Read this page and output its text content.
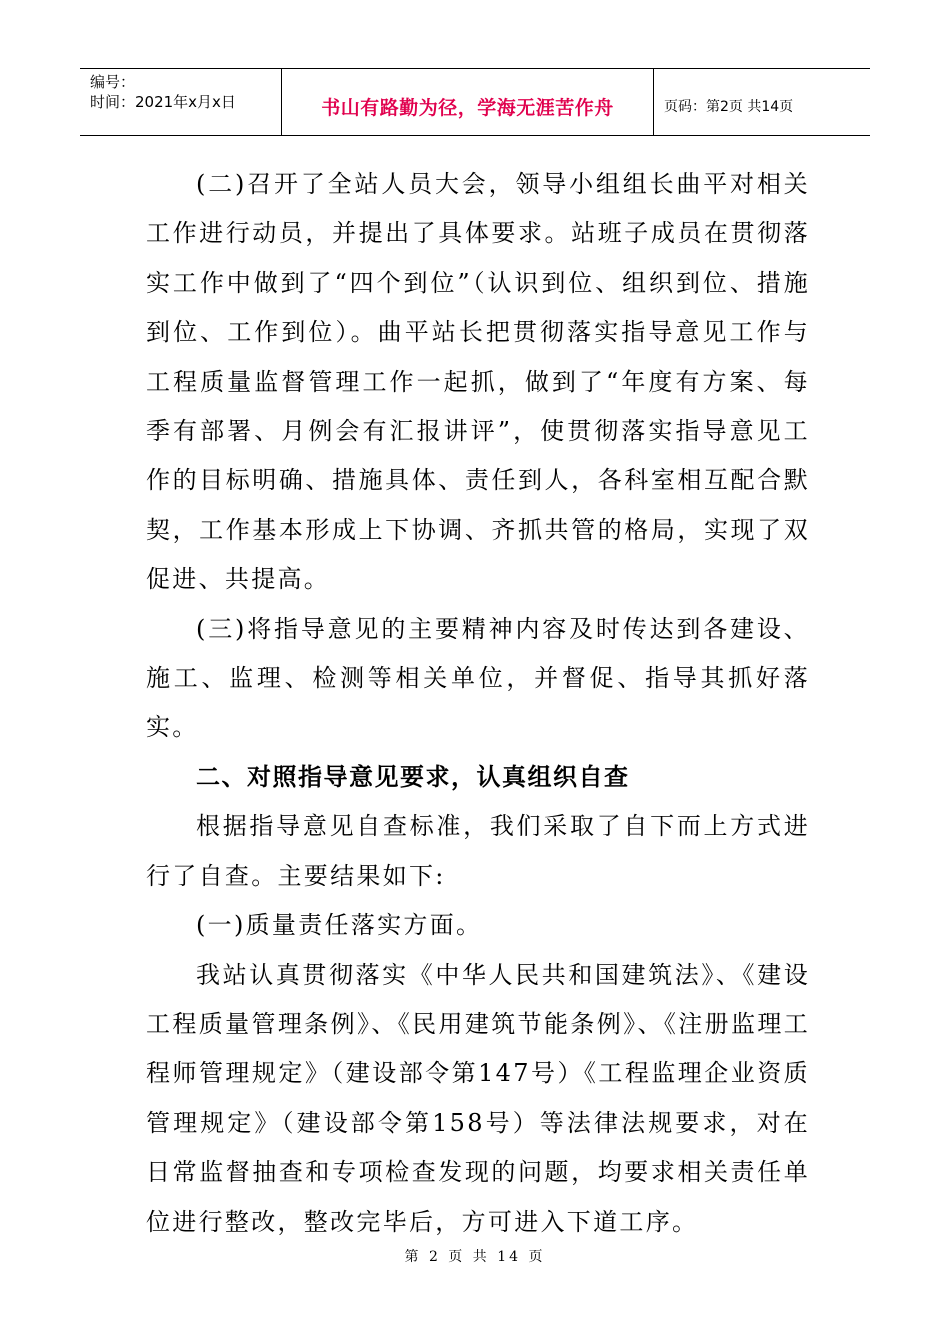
编号：
时间：2021年x月x日	书山有路勤为径，学海无涯苦作舟	页码：第2页 共14页

(二)召开了全站人员大会，领导小组组长曲平对相关工作进行动员，并提出了具体要求。站班子成员在贯彻落实工作中做到了“四个到位”（认识到位、组织到位、措施到位、工作到位）。曲平站长把贯彻落实指导意见工作与工程质量监督管理工作一起抓，做到了“年度有方案、每季有部署、月例会有汇报讲评”，使贯彻落实指导意见工作的目标明确、措施具体、责任到人，各科室相互配合默契，工作基本形成上下协调、齐抓共管的格局，实现了双促进、共提高。

(三)将指导意见的主要精神内容及时传达到各建设、施工、监理、检测等相关单位，并督促、指导其抓好落实。

二、对照指导意见要求，认真组织自查

根据指导意见自查标准，我们采取了自下而上方式进行了自查。主要结果如下:

(一)质量责任落实方面。

我站认真贯彻落实《中华人民共和国建筑法》、《建设工程质量管理条例》、《民用建筑节能条例》、《注册监理工程师管理规定》（建设部令第147号）《工程监理企业资质管理规定》（建设部令第158号）等法律法规要求，对在日常监督抽查和专项检查发现的问题，均要求相关责任单位进行整改，整改完毕后，方可进入下道工序。

第 2 页 共 14 页
